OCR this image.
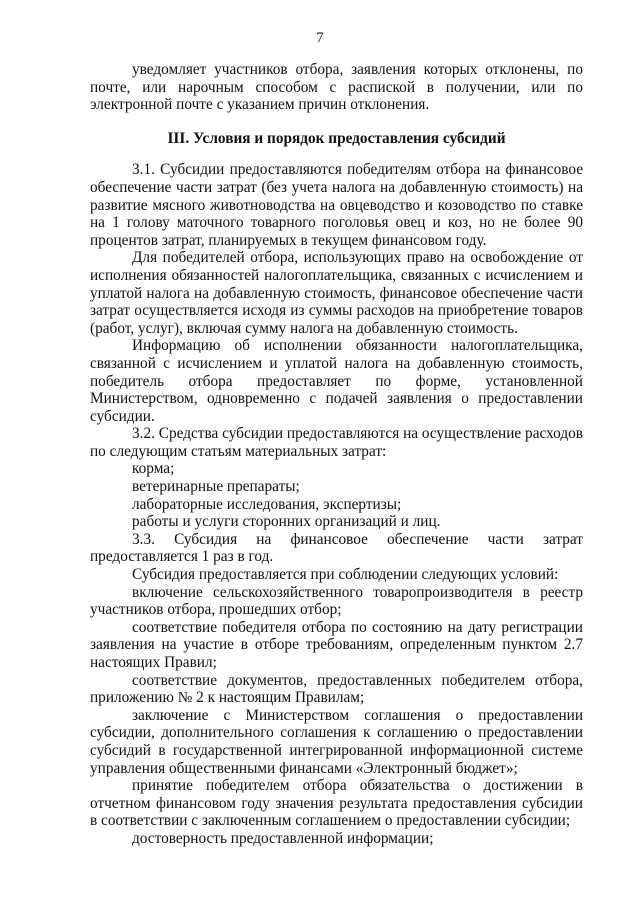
7

уведомляет участников отбора, заявления которых отклонены, по почте, или нарочным способом с распиской в получении, или по электронной почте с указанием причин отклонения.

III. Условия и порядок предоставления субсидий

3.1. Субсидии предоставляются победителям отбора на финансовое обеспечение части затрат (без учета налога на добавленную стоимость) на развитие мясного животноводства на овцеводство и козоводство по ставке на 1 голову маточного товарного поголовья овец и коз, но не более 90 процентов затрат, планируемых в текущем финансовом году.

Для победителей отбора, использующих право на освобождение от исполнения обязанностей налогоплательщика, связанных с исчислением и уплатой налога на добавленную стоимость, финансовое обеспечение части затрат осуществляется исходя из суммы расходов на приобретение товаров (работ, услуг), включая сумму налога на добавленную стоимость.

Информацию об исполнении обязанности налогоплательщика, связанной с исчислением и уплатой налога на добавленную стоимость, победитель отбора предоставляет по форме, установленной Министерством, одновременно с подачей заявления о предоставлении субсидии.

3.2. Средства субсидии предоставляются на осуществление расходов по следующим статьям материальных затрат:

корма;

ветеринарные препараты;

лабораторные исследования, экспертизы;

работы и услуги сторонних организаций и лиц.

3.3. Субсидия на финансовое обеспечение части затрат предоставляется 1 раз в год.

Субсидия предоставляется при соблюдении следующих условий:

включение сельскохозяйственного товаропроизводителя в реестр участников отбора, прошедших отбор;

соответствие победителя отбора по состоянию на дату регистрации заявления на участие в отборе требованиям, определенным пунктом 2.7 настоящих Правил;

соответствие документов, предоставленных победителем отбора, приложению № 2 к настоящим Правилам;

заключение с Министерством соглашения о предоставлении субсидии, дополнительного соглашения к соглашению о предоставлении субсидий в государственной интегрированной информационной системе управления общественными финансами «Электронный бюджет»;

принятие победителем отбора обязательства о достижении в отчетном финансовом году значения результата предоставления субсидии в соответствии с заключенным соглашением о предоставлении субсидии;

достоверность предоставленной информации;
